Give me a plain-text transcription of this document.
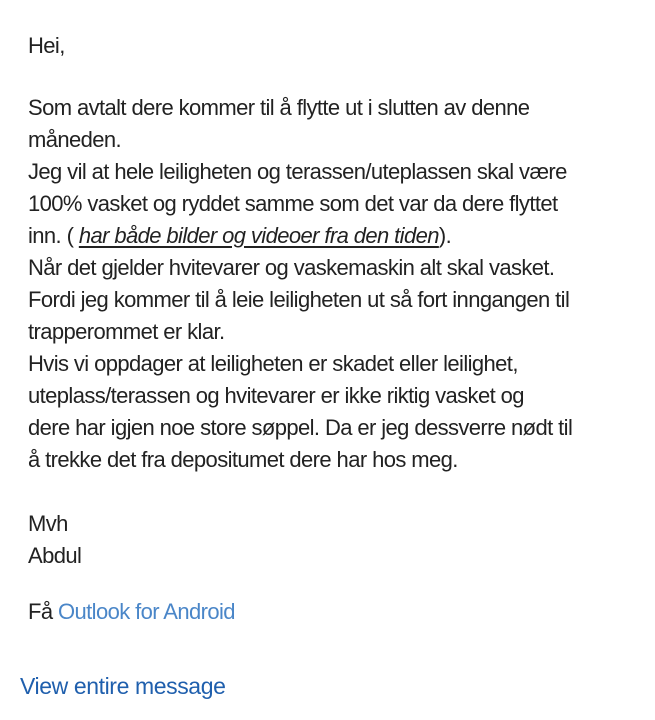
Hei,
Som avtalt dere kommer til å flytte ut i slutten av denne
måneden.
Jeg vil at hele leiligheten og terassen/uteplassen skal være
100% vasket og ryddet samme som det var da dere flyttet
inn. ( har både bilder og videoer fra den tiden).
Når det gjelder hvitevarer og vaskemaskin alt skal vasket.
Fordi jeg kommer til å leie leiligheten ut så fort inngangen til
trapperommet er klar.
Hvis vi oppdager at leiligheten er skadet eller leilighet,
uteplass/terassen og hvitevarer er ikke riktig vasket og
dere har igjen noe store søppel. Da er jeg dessverre nødt til
å trekke det fra depositumet dere har hos meg.
Mvh
Abdul
Få Outlook for Android
View entire message
